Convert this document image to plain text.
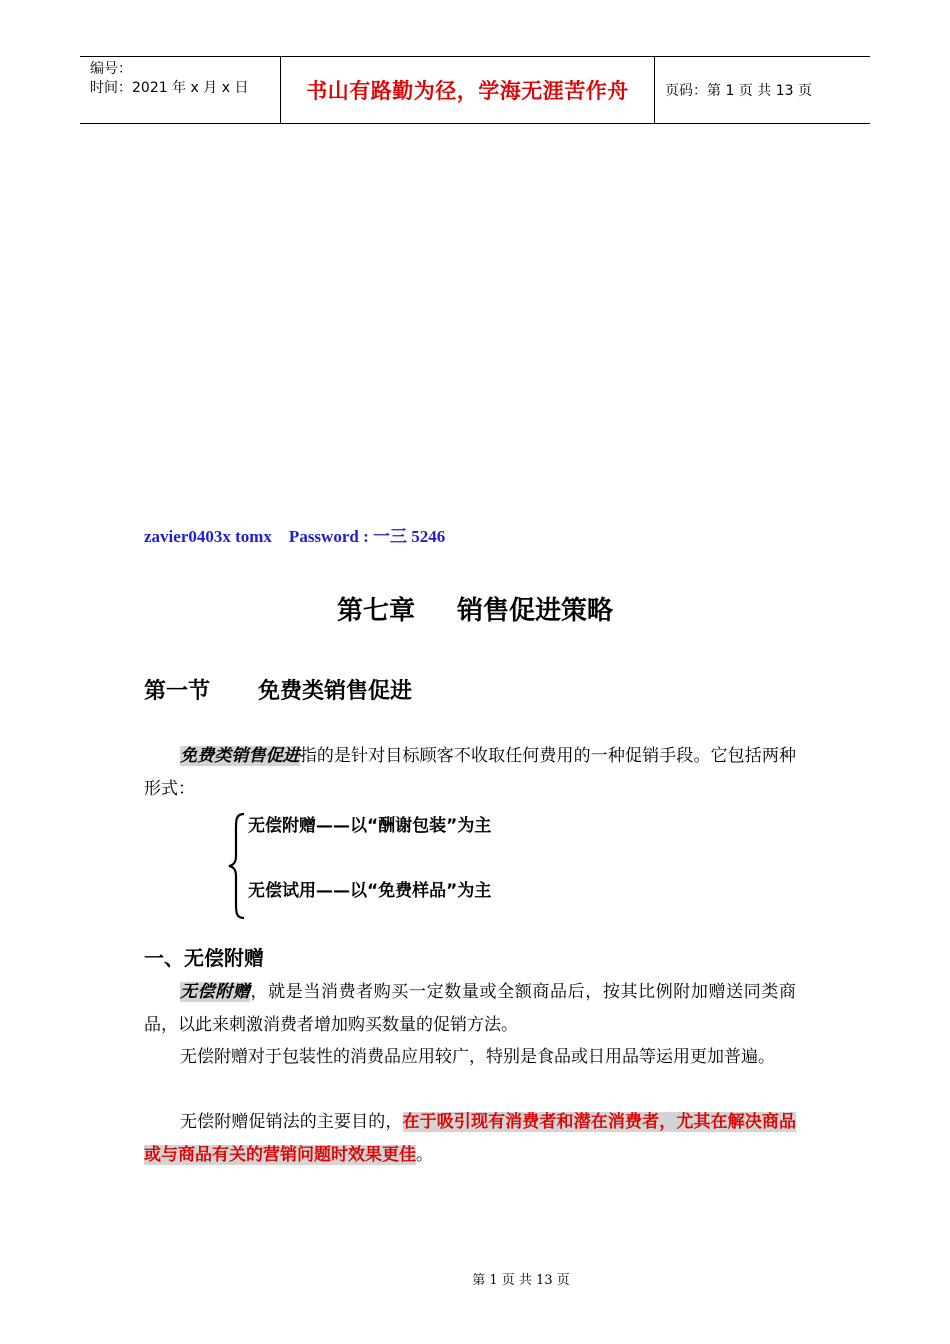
编号：
时间：2021 年 x 月 x 日	书山有路勤为径，学海无涯苦作舟	页码：第 1 页 共 13 页
zavier0403x tomx    Password : 一三 5246
第七章 销售促进策略
第一节 免费类销售促进
免费类销售促进指的是针对目标顾客不收取任何费用的一种促销手段。它包括两种形式：
无偿附赠——以“酬谢包装”为主
无偿试用——以“免费样品”为主
一、无偿附赠
无偿附赠，就是当消费者购买一定数量或全额商品后，按其比例附加赠送同类商品，以此来刺激消费者增加购买数量的促销方法。
无偿附赠对于包装性的消费品应用较广，特别是食品或日用品等运用更加普遍。
无偿附赠促销法的主要目的，在于吸引现有消费者和潜在消费者，尤其在解决商品或与商品有关的营销问题时效果更佳。
第 1 页 共 13 页
